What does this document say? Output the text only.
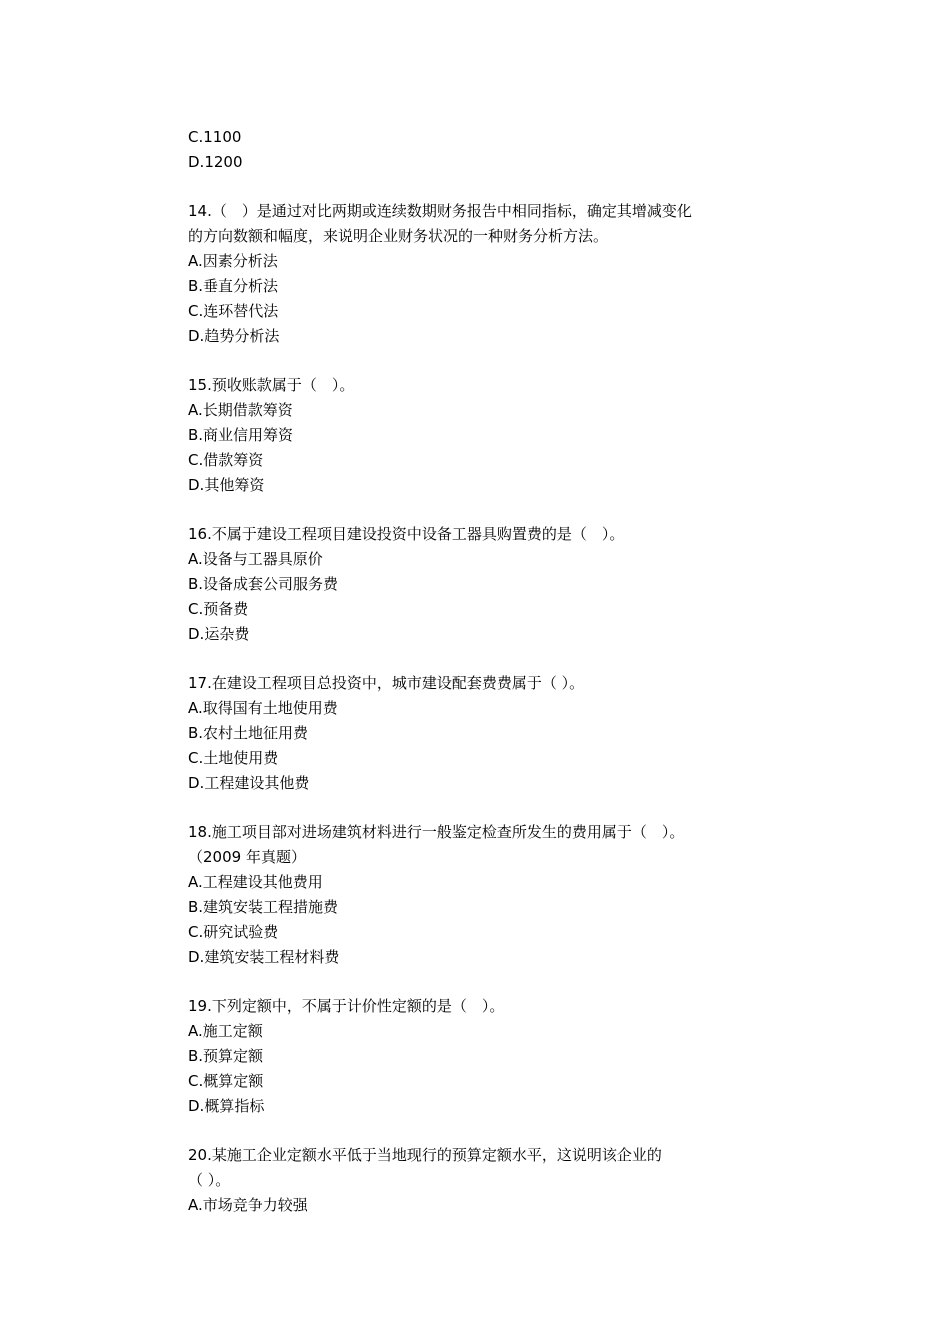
C.1100
D.1200
14.（　）是通过对比两期或连续数期财务报告中相同指标，确定其增减变化
的方向数额和幅度，来说明企业财务状况的一种财务分析方法。
A.因素分析法
B.垂直分析法
C.连环替代法
D.趋势分析法
15.预收账款属于（　）。
A.长期借款筹资
B.商业信用筹资
C.借款筹资
D.其他筹资
16.不属于建设工程项目建设投资中设备工器具购置费的是（　）。
A.设备与工器具原价
B.设备成套公司服务费
C.预备费
D.运杂费
17.在建设工程项目总投资中，城市建设配套费费属于（ ）。
A.取得国有土地使用费
B.农村土地征用费
C.土地使用费
D.工程建设其他费
18.施工项目部对进场建筑材料进行一般鉴定检查所发生的费用属于（　）。
（2009 年真题）
A.工程建设其他费用
B.建筑安装工程措施费
C.研究试验费
D.建筑安装工程材料费
19.下列定额中，不属于计价性定额的是（　）。
A.施工定额
B.预算定额
C.概算定额
D.概算指标
20.某施工企业定额水平低于当地现行的预算定额水平，这说明该企业的
（ ）。
A.市场竞争力较强
